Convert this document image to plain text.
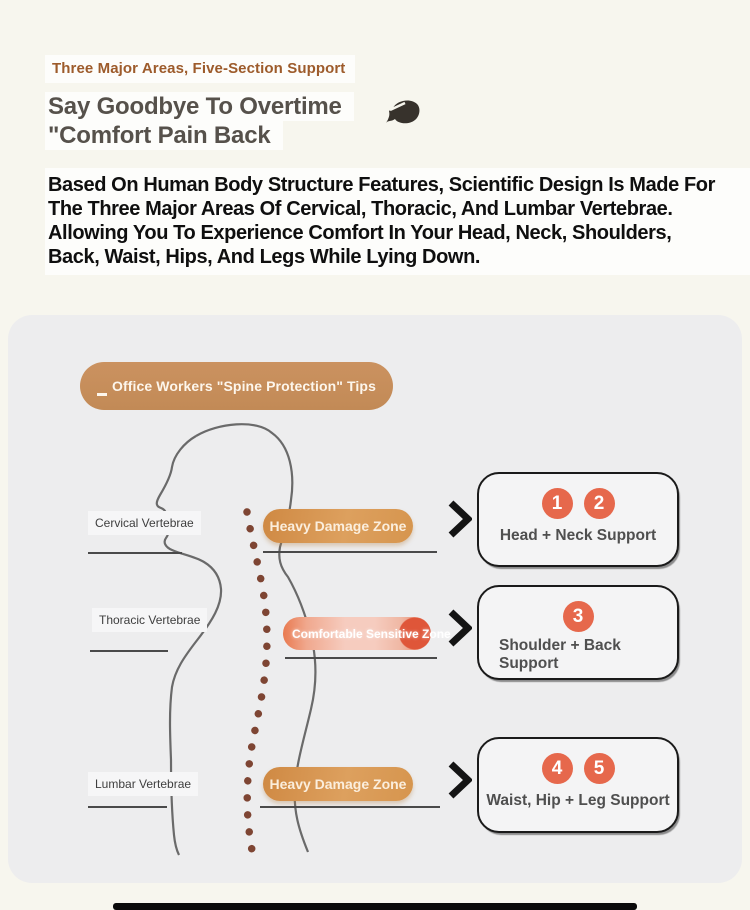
Three Major Areas, Five-Section Support
Say Goodbye To Overtime
"Comfort Pain Back
Based On Human Body Structure Features, Scientific Design Is Made For
The Three Major Areas Of Cervical, Thoracic, And Lumbar Vertebrae.
Allowing You To Experience Comfort In Your Head, Neck, Shoulders,
Back, Waist, Hips, And Legs While Lying Down.
Office Workers "Spine Protection" Tips
Cervical Vertebrae	Heavy Damage Zone
1	2
Head + Neck Support
Thoracic Vertebrae
Comfortable Sensitive Zone
3
Shoulder + Back Support
Lumbar Vertebrae	Heavy Damage Zone
4	5
Waist, Hip + Leg Support
